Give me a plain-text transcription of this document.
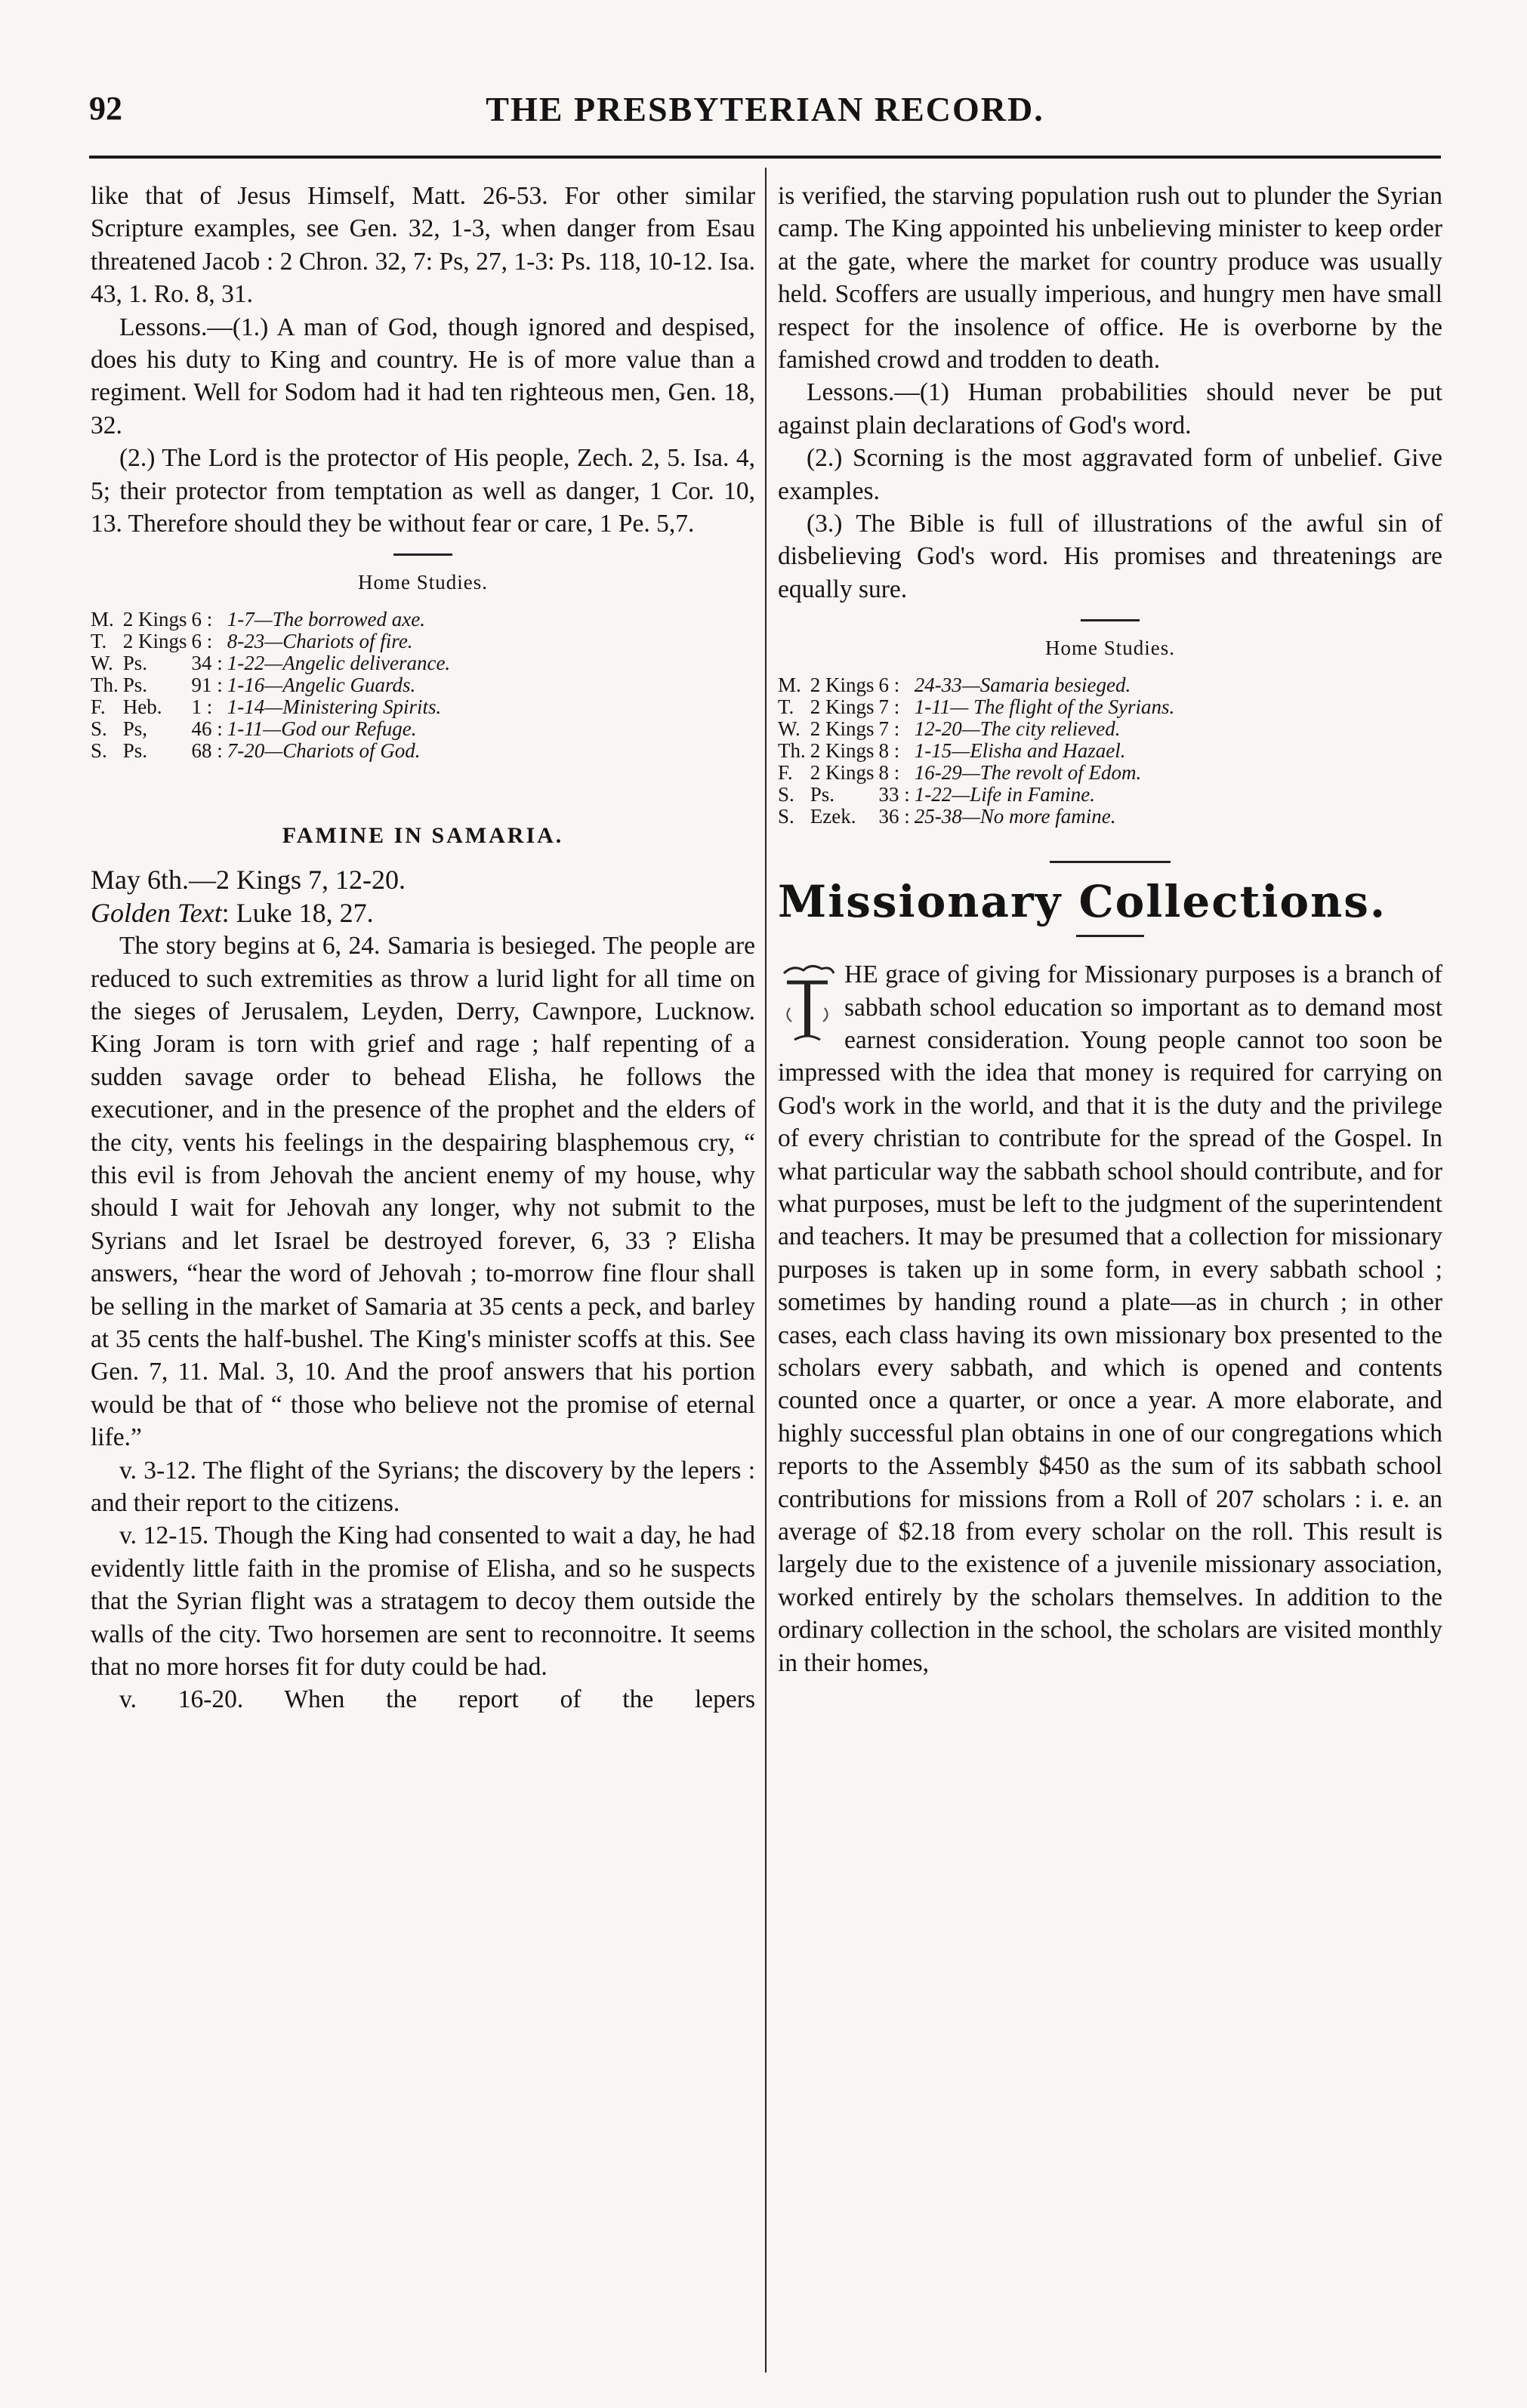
92	THE PRESBYTERIAN RECORD.

like that of Jesus Himself, Matt. 26-53. For other similar Scripture examples, see Gen. 32, 1-3, when danger from Esau threatened Jacob : 2 Chron. 32, 7: Ps, 27, 1-3: Ps. 118, 10-12. Isa. 43, 1. Ro. 8, 31.

Lessons.—(1.) A man of God, though ignored and despised, does his duty to King and country. He is of more value than a regiment. Well for Sodom had it had ten righteous men, Gen. 18, 32.

(2.) The Lord is the protector of His people, Zech. 2, 5. Isa. 4, 5; their protector from temptation as well as danger, 1 Cor. 10, 13. Therefore should they be without fear or care, 1 Pe. 5,7.

Home Studies.
M.	2 Kings	6 :	1-7—The borrowed axe.
T.	2 Kings	6 :	8-23—Chariots of fire.
W.	Ps.	34 :	1-22—Angelic deliverance.
Th.	Ps.	91 :	1-16—Angelic Guards.
F.	Heb.	1 :	1-14—Ministering Spirits.
S.	Ps,	46 :	1-11—God our Refuge.
S.	Ps.	68 :	7-20—Chariots of God.
FAMINE IN SAMARIA.

May 6th.—2 Kings 7, 12-20.

Golden Text: Luke 18, 27.

The story begins at 6, 24. Samaria is besieged. The people are reduced to such extremities as throw a lurid light for all time on the sieges of Jerusalem, Leyden, Derry, Cawnpore, Lucknow. King Joram is torn with grief and rage ; half repenting of a sudden savage order to behead Elisha, he follows the executioner, and in the presence of the prophet and the elders of the city, vents his feelings in the despairing blasphemous cry, “ this evil is from Jehovah the ancient enemy of my house, why should I wait for Jehovah any longer, why not submit to the Syrians and let Israel be destroyed forever, 6, 33 ? Elisha answers, “hear the word of Jehovah ; to-morrow fine flour shall be selling in the market of Samaria at 35 cents a peck, and barley at 35 cents the half-bushel. The King's minister scoffs at this. See Gen. 7, 11. Mal. 3, 10. And the proof answers that his portion would be that of “ those who believe not the promise of eternal life.”

v. 3-12. The flight of the Syrians; the discovery by the lepers : and their report to the citizens.

v. 12-15. Though the King had consented to wait a day, he had evidently little faith in the promise of Elisha, and so he suspects that the Syrian flight was a stratagem to decoy them outside the walls of the city. Two horsemen are sent to reconnoitre. It seems that no more horses fit for duty could be had.

v. 16-20. When the report of the lepers

is verified, the starving population rush out to plunder the Syrian camp. The King appointed his unbelieving minister to keep order at the gate, where the market for country produce was usually held. Scoffers are usually imperious, and hungry men have small respect for the insolence of office. He is overborne by the famished crowd and trodden to death.

Lessons.—(1) Human probabilities should never be put against plain declarations of God's word.

(2.) Scorning is the most aggravated form of unbelief. Give examples.

(3.) The Bible is full of illustrations of the awful sin of disbelieving God's word. His promises and threatenings are equally sure.

Home Studies.
M.	2 Kings	6 :	24-33—Samaria besieged.
T.	2 Kings	7 :	1-11— The flight of the Syrians.
W.	2 Kings	7 :	12-20—The city relieved.
Th.	2 Kings	8 :	1-15—Elisha and Hazael.
F.	2 Kings	8 :	16-29—The revolt of Edom.
S.	Ps.	33 :	1-22—Life in Famine.
S.	Ezek.	36 :	25-38—No more famine.

Missionary Collections.

HE grace of giving for Missionary purposes is a branch of sabbath school education so important as to demand most earnest consideration. Young people cannot too soon be impressed with the idea that money is required for carrying on God's work in the world, and that it is the duty and the privilege of every christian to contribute for the spread of the Gospel. In what particular way the sabbath school should contribute, and for what purposes, must be left to the judgment of the superintendent and teachers. It may be presumed that a collection for missionary purposes is taken up in some form, in every sabbath school ; sometimes by handing round a plate—as in church ; in other cases, each class having its own missionary box presented to the scholars every sabbath, and which is opened and contents counted once a quarter, or once a year. A more elaborate, and highly successful plan obtains in one of our congregations which reports to the Assembly $450 as the sum of its sabbath school contributions for missions from a Roll of 207 scholars : i. e. an average of $2.18 from every scholar on the roll. This result is largely due to the existence of a juvenile missionary association, worked entirely by the scholars themselves. In addition to the ordinary collection in the school, the scholars are visited monthly in their homes,
